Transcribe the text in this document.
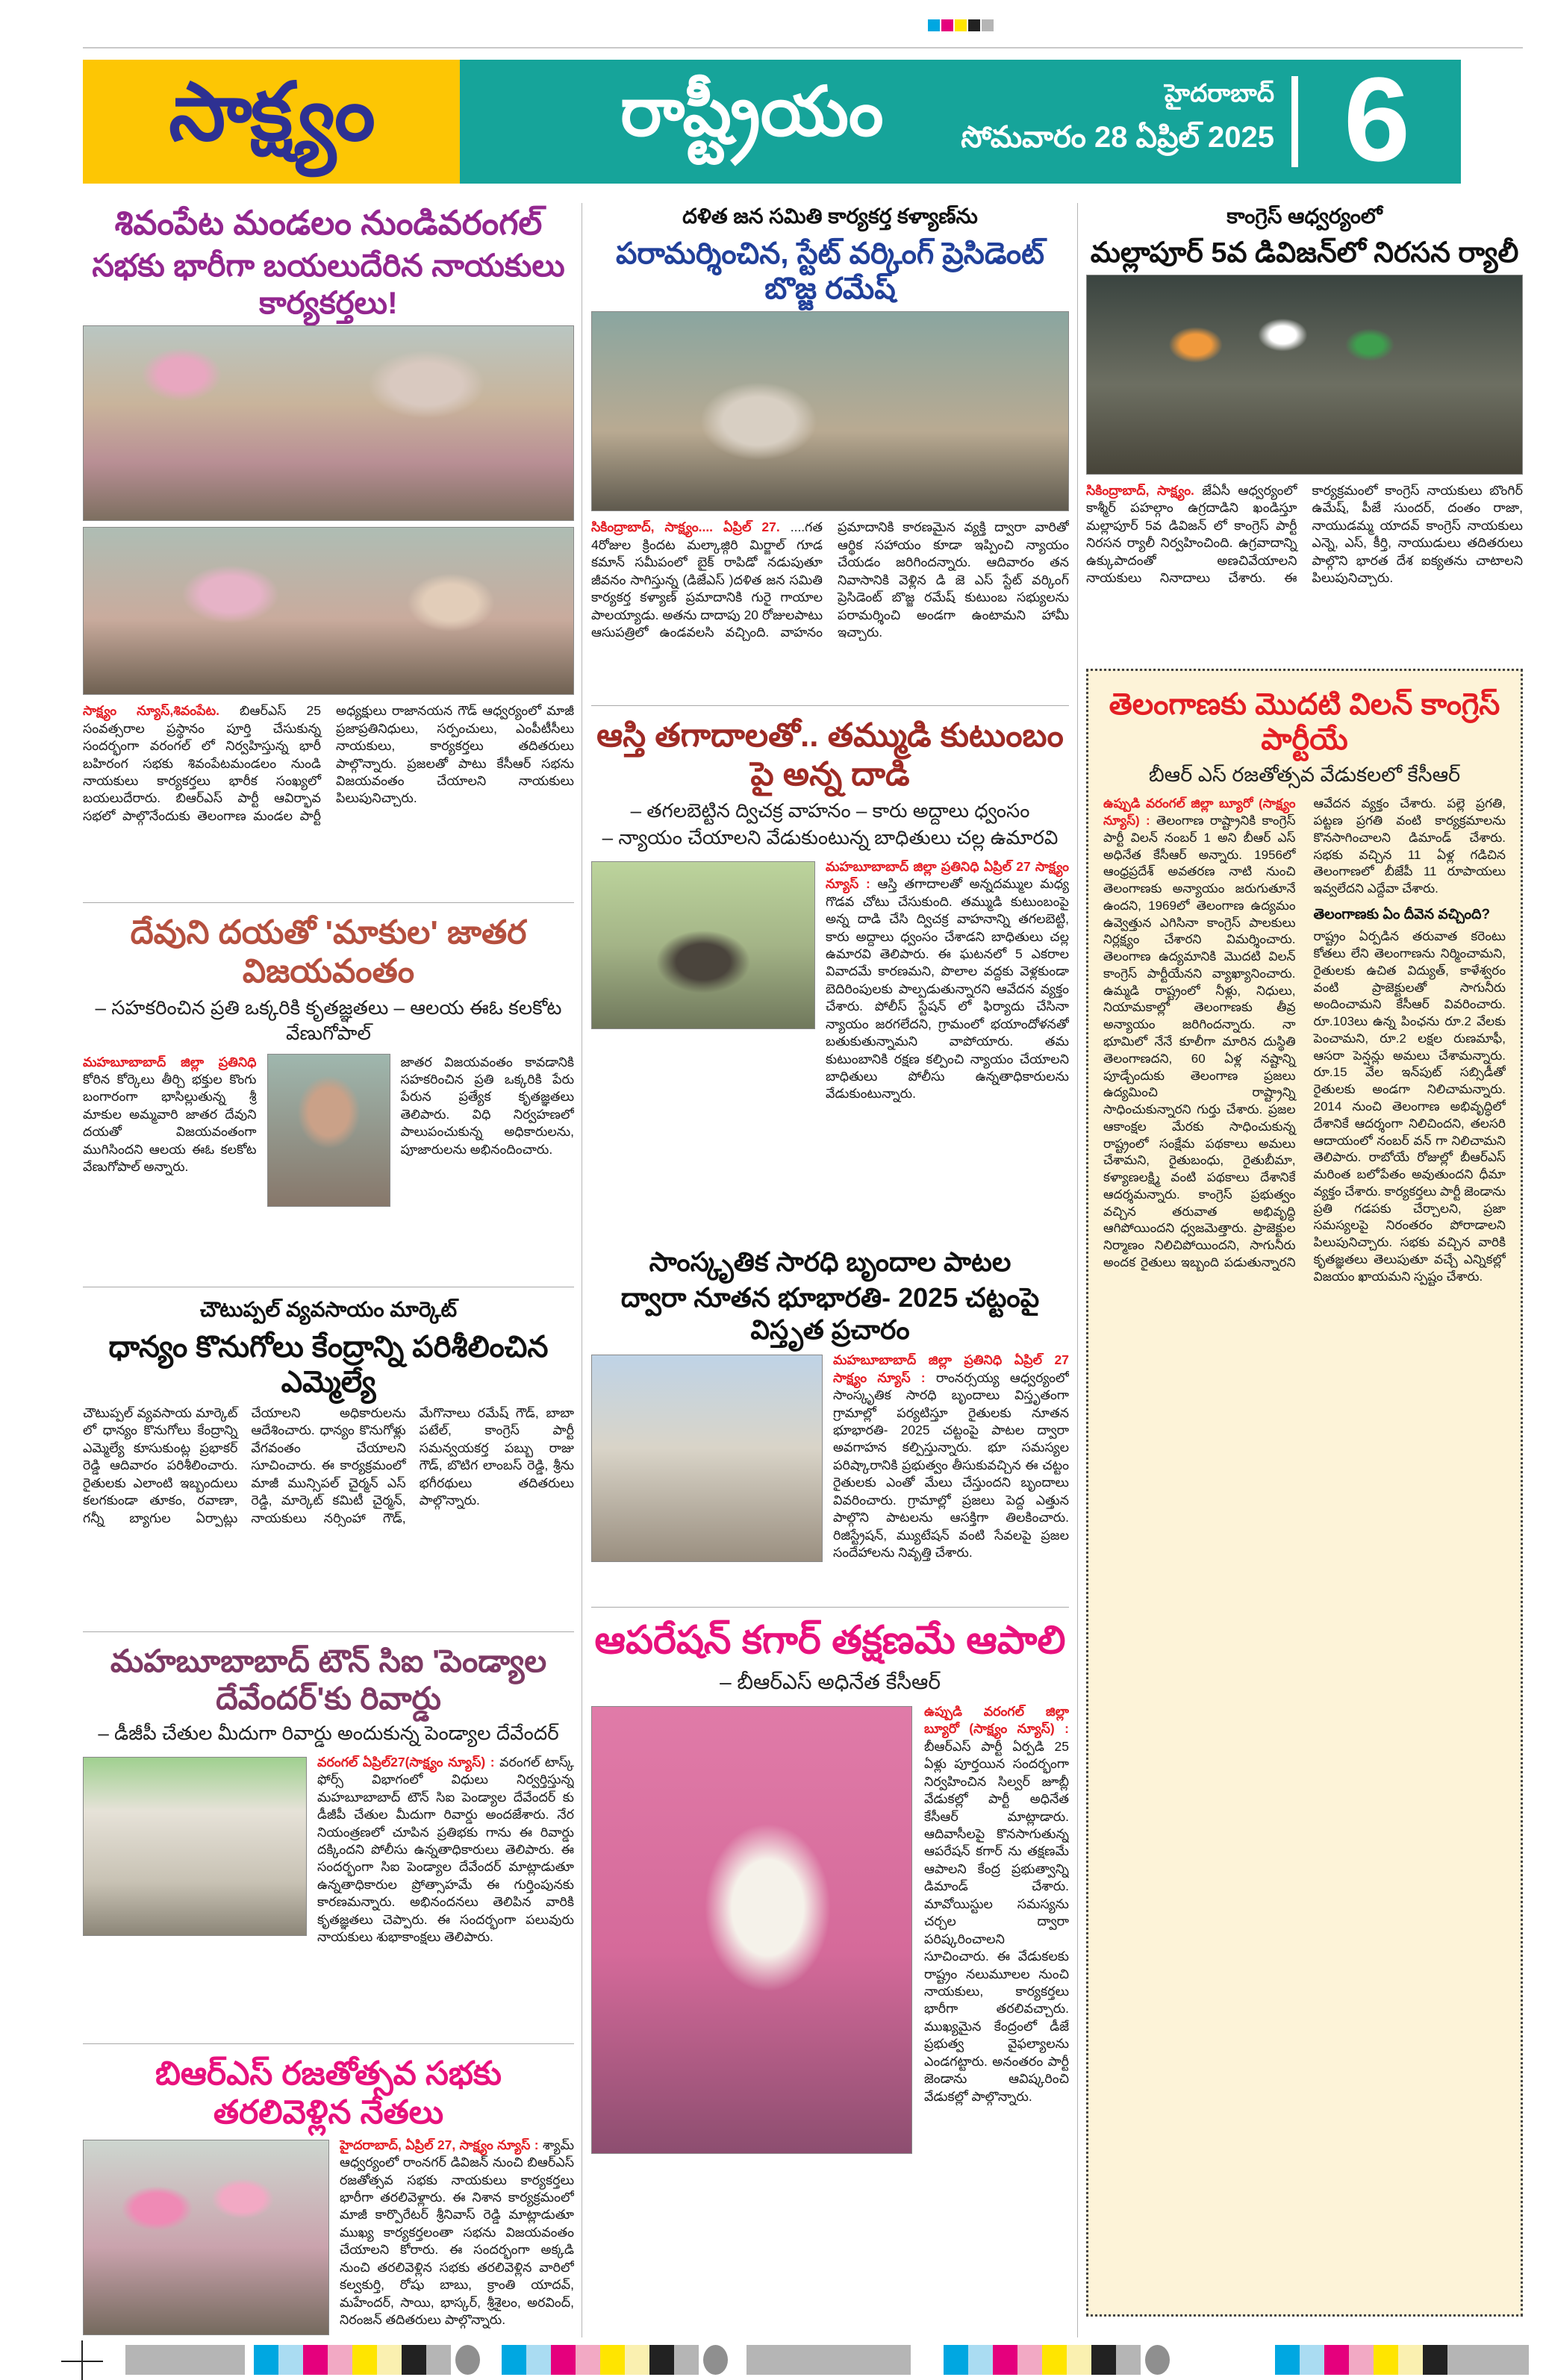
సాక్ష్యం	రాష్ట్రీయం	హైదరాబాద్
సోమవారం 28 ఏప్రిల్ 2025 6
శివంపేట మండలం నుండివరంగల్
సభకు భారీగా బయలుదేరిన నాయకులు కార్యకర్తలు!
సాక్ష్యం న్యూస్,శివంపేట. బిఆర్ఎస్ 25 సంవత్సరాల ప్రస్థానం పూర్తి చేసుకున్న సందర్భంగా వరంగల్ లో నిర్వహిస్తున్న భారీ బహిరంగ సభకు శివంపేటమండలం నుండి నాయకులు కార్యకర్తలు భారీక సంఖ్యలో బయలుదేరారు. బిఆర్ఎస్ పార్టీ ఆవిర్భావ సభలో పాల్గొనేందుకు తెలంగాణ మండల పార్టీ అధ్యక్షులు రాజానయన గౌడ్ ఆధ్వర్యంలో మాజీ ప్రజాప్రతినిధులు, సర్పంచులు, ఎంపీటీసీలు నాయకులు, కార్యకర్తలు తదితరులు పాల్గొన్నారు. ప్రజలతో పాటు కేసీఆర్ సభను విజయవంతం చేయాలని నాయకులు పిలుపునిచ్చారు.
దేవుని దయతో 'మాకుల' జాతర విజయవంతం
– సహకరించిన ప్రతి ఒక్కరికి కృతజ్ఞతలు – ఆలయ ఈఓ కలకోట వేణుగోపాల్
మహబూబాబాద్ జిల్లా ప్రతినిధి కోరిన కోర్కెలు తీర్చి భక్తుల కొంగు బంగారంగా భాసిల్లుతున్న శ్రీ మాకుల అమ్మవారి జాతర దేవుని దయతో విజయవంతంగా ముగిసిందని ఆలయ ఈఓ కలకోట వేణుగోపాల్ అన్నారు.
జాతర విజయవంతం కావడానికి సహకరించిన ప్రతి ఒక్కరికి పేరు పేరున ప్రత్యేక కృతజ్ఞతలు తెలిపారు. విధి నిర్వహణలో పాలుపంచుకున్న అధికారులను, పూజారులను అభినందించారు.
చౌటుప్పల్ వ్యవసాయం మార్కెట్
ధాన్యం కొనుగోలు కేంద్రాన్ని పరిశీలించిన ఎమ్మెల్యే
చౌటుప్పల్ వ్యవసాయ మార్కెట్ లో ధాన్యం కొనుగోలు కేంద్రాన్ని ఎమ్మెల్యే కూసుకుంట్ల ప్రభాకర్ రెడ్డి ఆదివారం పరిశీలించారు. రైతులకు ఎలాంటి ఇబ్బందులు కలగకుండా తూకం, రవాణా, గన్నీ బ్యాగుల ఏర్పాట్లు చేయాలని అధికారులను ఆదేశించారు. ధాన్యం కొనుగోళ్లు వేగవంతం చేయాలని సూచించారు. ఈ కార్యక్రమంలో మాజీ మున్సిపల్ చైర్మన్ ఎస్ రెడ్డి, మార్కెట్ కమిటీ చైర్మన్, నాయకులు నర్సింహా గౌడ్, మేగొనాలు రమేష్ గౌడ్, బాబా పటేల్, కాంగ్రెస్ పార్టీ సమన్వయకర్త పబ్బు రాజు గౌడ్, బొటిగ లాంబస్ రెడ్డి, శ్రీను భగీరథులు తదితరులు పాల్గొన్నారు.
మహబూబాబాద్ టౌన్ సిఐ 'పెండ్యాల దేవేందర్'కు రివార్డు
– డీజీపీ చేతుల మీదుగా రివార్డు అందుకున్న పెండ్యాల దేవేందర్
వరంగల్ ఏప్రిల్27(సాక్ష్యం న్యూస్) : వరంగల్ టాస్క్ ఫోర్స్ విభాగంలో విధులు నిర్వర్తిస్తున్న మహబూబాబాద్ టౌన్ సిఐ పెండ్యాల దేవేందర్ కు డీజీపీ చేతుల మీదుగా రివార్డు అందజేశారు. నేర నియంత్రణలో చూపిన ప్రతిభకు గాను ఈ రివార్డు దక్కిందని పోలీసు ఉన్నతాధికారులు తెలిపారు. ఈ సందర్భంగా సిఐ పెండ్యాల దేవేందర్ మాట్లాడుతూ ఉన్నతాధికారుల ప్రోత్సాహమే ఈ గుర్తింపునకు కారణమన్నారు. అభినందనలు తెలిపిన వారికి కృతజ్ఞతలు చెప్పారు. ఈ సందర్భంగా పలువురు నాయకులు శుభాకాంక్షలు తెలిపారు.
బిఆర్ఎస్ రజతోత్సవ సభకు తరలివెళ్లిన నేతలు
హైదరాబాద్, ఏప్రిల్ 27, సాక్ష్యం న్యూస్ : శ్యామ్ ఆధ్వర్యంలో రాంనగర్ డివిజన్ నుంచి బిఆర్ఎస్ రజతోత్సవ సభకు నాయకులు కార్యకర్తలు భారీగా తరలివెళ్లారు. ఈ నిశాన కార్యక్రమంలో మాజీ కార్పొరేటర్ శ్రీనివాస్ రెడ్డి మాట్లాడుతూ ముఖ్య కార్యకర్తలంతా సభను విజయవంతం చేయాలని కోరారు. ఈ సందర్భంగా అక్కడి నుంచి తరలివెళ్లిన సభకు తరలివెళ్లిన వారిలో కల్వకుర్తి, రోషు బాబు, క్రాంతి యాదవ్, మహేందర్, సాయి, భాస్కర్, శ్రీశైలం, అరవింద్, నిరంజన్ తదితరులు పాల్గొన్నారు.
దళిత జన సమితి కార్యకర్త కళ్యాణ్‌ను
పరామర్శించిన, స్టేట్ వర్కింగ్ ప్రెసిడెంట్ బొజ్జ రమేష్
సికింద్రాబాద్, సాక్ష్యం.... ఏప్రిల్ 27. ....గత 4రోజుల క్రిందట మల్కాజ్గిరి మిర్జాల్ గూడ కమాన్ సమీపంలో బైక్ రాపిడో నడుపుతూ జీవనం సాగిస్తున్న (డిజేఎస్ )దళిత జన సమితి కార్యకర్త కళ్యాణ్ ప్రమాదానికి గురై గాయాల పాలయ్యాడు. అతను దాదాపు 20 రోజులపాటు ఆసుపత్రిలో ఉండవలసి వచ్చింది. వాహనం ప్రమాదానికి కారణమైన వ్యక్తి ద్వారా వారితో ఆర్థిక సహాయం కూడా ఇప్పించి న్యాయం చేయడం జరిగిందన్నారు. ఆదివారం తన నివాసానికి వెళ్లిన డి జె ఎస్ స్టేట్ వర్కింగ్ ప్రెసిడెంట్ బొజ్జ రమేష్ కుటుంబ సభ్యులను పరామర్శించి అండగా ఉంటామని హామీ ఇచ్చారు.
ఆస్తి తగాదాలతో.. తమ్ముడి కుటుంబం పై అన్న దాడి
– తగలబెట్టిన ద్విచక్ర వాహనం – కారు అద్దాలు ధ్వంసం
– న్యాయం చేయాలని వేడుకుంటున్న బాధితులు చల్ల ఉమారవి
మహబూబాబాద్ జిల్లా ప్రతినిధి ఏప్రిల్ 27 సాక్ష్యం న్యూస్ : ఆస్తి తగాదాలతో అన్నదమ్ముల మధ్య గొడవ చోటు చేసుకుంది. తమ్ముడి కుటుంబంపై అన్న దాడి చేసి ద్విచక్ర వాహనాన్ని తగలబెట్టి, కారు అద్దాలు ధ్వంసం చేశాడని బాధితులు చల్ల ఉమారవి తెలిపారు. ఈ ఘటనలో 5 ఎకరాల వివాదమే కారణమని, పొలాల వద్దకు వెళ్లకుండా బెదిరింపులకు పాల్పడుతున్నారని ఆవేదన వ్యక్తం చేశారు. పోలీస్ స్టేషన్ లో ఫిర్యాదు చేసినా న్యాయం జరగలేదని, గ్రామంలో భయాందోళనతో బతుకుతున్నామని వాపోయారు. తమ కుటుంబానికి రక్షణ కల్పించి న్యాయం చేయాలని బాధితులు పోలీసు ఉన్నతాధికారులను వేడుకుంటున్నారు.
సాంస్కృతిక సారధి బృందాల పాటల
ద్వారా నూతన భూభారతి- 2025 చట్టంపై విస్తృత ప్రచారం
మహబూబాబాద్ జిల్లా ప్రతినిధి ఏప్రిల్ 27 సాక్ష్యం న్యూస్ : రాంనర్సయ్య ఆధ్వర్యంలో సాంస్కృతిక సారధి బృందాలు విస్తృతంగా గ్రామాల్లో పర్యటిస్తూ రైతులకు నూతన భూభారతి- 2025 చట్టంపై పాటల ద్వారా అవగాహన కల్పిస్తున్నారు. భూ సమస్యల పరిష్కారానికి ప్రభుత్వం తీసుకువచ్చిన ఈ చట్టం రైతులకు ఎంతో మేలు చేస్తుందని బృందాలు వివరించారు. గ్రామాల్లో ప్రజలు పెద్ద ఎత్తున పాల్గొని పాటలను ఆసక్తిగా తిలకించారు. రిజిస్ట్రేషన్, మ్యుటేషన్ వంటి సేవలపై ప్రజల సందేహాలను నివృత్తి చేశారు.
ఆపరేషన్ కగార్ తక్షణమే ఆపాలి
– బీఆర్ఎస్ అధినేత కేసీఆర్
ఉప్పుడి వరంగల్ జిల్లా బ్యూరో (సాక్ష్యం న్యూస్) : బీఆర్ఎస్ పార్టీ ఏర్పడి 25 ఏళ్లు పూర్తయిన సందర్భంగా నిర్వహించిన సిల్వర్ జూబ్లీ వేడుకల్లో పార్టీ అధినేత కేసీఆర్ మాట్లాడారు. ఆదివాసీలపై కొనసాగుతున్న ఆపరేషన్ కగార్ ను తక్షణమే ఆపాలని కేంద్ర ప్రభుత్వాన్ని డిమాండ్ చేశారు. మావోయిస్టుల సమస్యను చర్చల ద్వారా పరిష్కరించాలని సూచించారు. ఈ వేడుకలకు రాష్ట్రం నలుమూలల నుంచి నాయకులు, కార్యకర్తలు భారీగా తరలివచ్చారు. ముఖ్యమైన కేంద్రంలో డీజే ప్రభుత్వ వైఫల్యాలను ఎండగట్టారు. అనంతరం పార్టీ జెండాను ఆవిష్కరించి వేడుకల్లో పాల్గొన్నారు.
కాంగ్రెస్ ఆధ్వర్యంలో
మల్లాపూర్ 5వ డివిజన్‌లో నిరసన ర్యాలీ
సికింద్రాబాద్, సాక్ష్యం. జేఏసీ ఆధ్వర్యంలో కాశ్మీర్ పహల్గాం ఉగ్రదాడిని ఖండిస్తూ మల్లాపూర్ 5వ డివిజన్ లో కాంగ్రెస్ పార్టీ నిరసన ర్యాలీ నిర్వహించింది. ఉగ్రవాదాన్ని ఉక్కుపాదంతో అణచివేయాలని నాయకులు నినాదాలు చేశారు. ఈ కార్యక్రమంలో కాంగ్రెస్ నాయకులు బొంగిర్ ఉమేష్, పీజే సుందర్, దంతం రాజా, నాయుడమ్మ యాదవ్ కాంగ్రెస్ నాయకులు ఎన్నె, ఎస్, కీర్తి, నాయుడులు తదితరులు పాల్గొని భారత దేశ ఐక్యతను చాటాలని పిలుపునిచ్చారు.
తెలంగాణకు మొదటి విలన్ కాంగ్రెస్ పార్టీయే
బీఆర్ ఎస్ రజతోత్సవ వేడుకలలో కేసీఆర్
ఉప్పుడి వరంగల్ జిల్లా బ్యూరో (సాక్ష్యం న్యూస్) : తెలంగాణ రాష్ట్రానికి కాంగ్రెస్ పార్టీ విలన్ నంబర్ 1 అని బీఆర్ ఎస్ అధినేత కేసీఆర్ అన్నారు. 1956లో ఆంధ్రప్రదేశ్ అవతరణ నాటి నుంచి తెలంగాణకు అన్యాయం జరుగుతూనే ఉందని, 1969లో తెలంగాణ ఉద్యమం ఉవ్వెత్తున ఎగిసినా కాంగ్రెస్ పాలకులు నిర్లక్ష్యం చేశారని విమర్శించారు. తెలంగాణ ఉద్యమానికి మొదటి విలన్ కాంగ్రెస్ పార్టీయేనని వ్యాఖ్యానించారు. ఉమ్మడి రాష్ట్రంలో నీళ్లు, నిధులు, నియామకాల్లో తెలంగాణకు తీవ్ర అన్యాయం జరిగిందన్నారు. నా భూమిలో నేనే కూలీగా మారిన దుస్థితి తెలంగాణదని, 60 ఏళ్ల నష్టాన్ని పూడ్చేందుకు తెలంగాణ ప్రజలు ఉద్యమించి రాష్ట్రాన్ని సాధించుకున్నారని గుర్తు చేశారు. ప్రజల ఆకాంక్షల మేరకు సాధించుకున్న రాష్ట్రంలో సంక్షేమ పథకాలు అమలు చేశామని, రైతుబంధు, రైతుబీమా, కళ్యాణలక్ష్మి వంటి పథకాలు దేశానికే ఆదర్శమన్నారు. కాంగ్రెస్ ప్రభుత్వం వచ్చిన తరువాత అభివృద్ధి ఆగిపోయిందని ధ్వజమెత్తారు. ప్రాజెక్టుల నిర్మాణం నిలిచిపోయిందని, సాగునీరు అందక రైతులు ఇబ్బంది పడుతున్నారని ఆవేదన వ్యక్తం చేశారు. పల్లె ప్రగతి, పట్టణ ప్రగతి వంటి కార్యక్రమాలను కొనసాగించాలని డిమాండ్ చేశారు. సభకు వచ్చిన 11 ఏళ్ల గడిచిన తెలంగాణలో బీజేపీ 11 రూపాయలు ఇవ్వలేదని ఎద్దేవా చేశారు.
తెలంగాణకు ఏం దీవెన వచ్చింది?
రాష్ట్రం ఏర్పడిన తరువాత కరెంటు కోతలు లేని తెలంగాణను నిర్మించామని, రైతులకు ఉచిత విద్యుత్, కాళేశ్వరం వంటి ప్రాజెక్టులతో సాగునీరు అందించామని కేసీఆర్ వివరించారు. రూ.103లు ఉన్న పింఛను రూ.2 వేలకు పెంచామని, రూ.2 లక్షల రుణమాఫీ, ఆసరా పెన్షన్లు అమలు చేశామన్నారు. రూ.15 వేల ఇన్‌పుట్ సబ్సిడీతో రైతులకు అండగా నిలిచామన్నారు. 2014 నుంచి తెలంగాణ అభివృద్ధిలో దేశానికే ఆదర్శంగా నిలిచిందని, తలసరి ఆదాయంలో నంబర్ వన్ గా నిలిచామని తెలిపారు. రాబోయే రోజుల్లో బీఆర్ఎస్ మరింత బలోపేతం అవుతుందని ధీమా వ్యక్తం చేశారు. కార్యకర్తలు పార్టీ జెండాను ప్రతి గడపకు చేర్చాలని, ప్రజా సమస్యలపై నిరంతరం పోరాడాలని పిలుపునిచ్చారు. సభకు వచ్చిన వారికి కృతజ్ఞతలు తెలుపుతూ వచ్చే ఎన్నికల్లో విజయం ఖాయమని స్పష్టం చేశారు.
